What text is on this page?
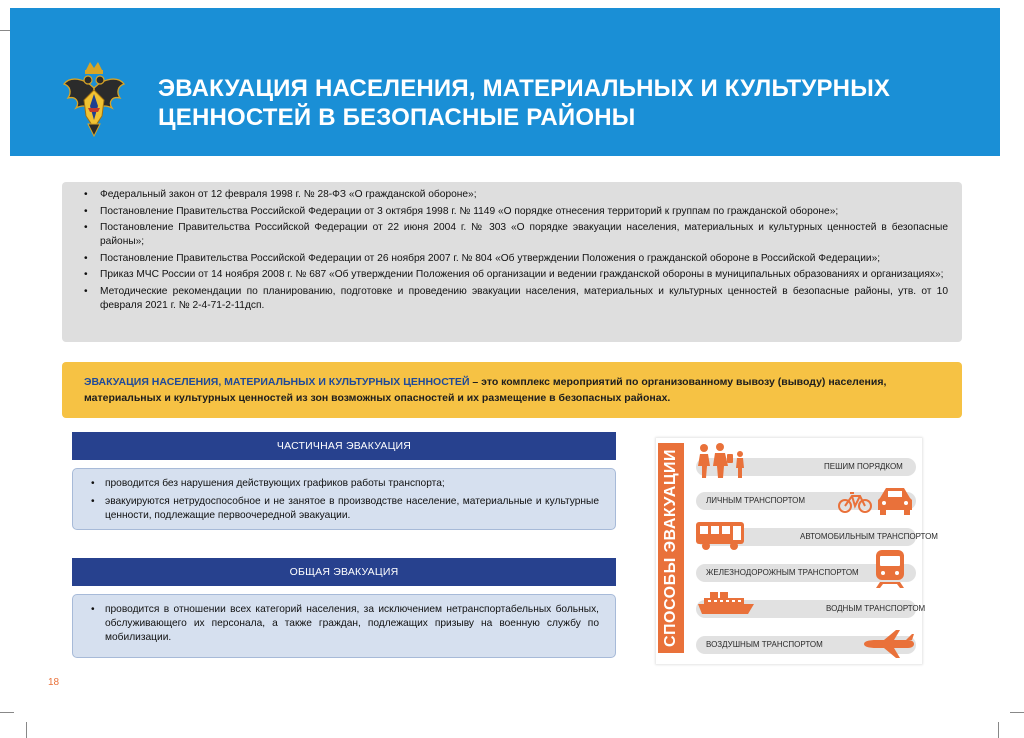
ЭВАКУАЦИЯ НАСЕЛЕНИЯ, МАТЕРИАЛЬНЫХ И КУЛЬТУРНЫХ
ЦЕННОСТЕЙ В БЕЗОПАСНЫЕ РАЙОНЫ
• Федеральный закон от 12 февраля 1998 г. № 28-ФЗ «О гражданской обороне»;
• Постановление Правительства Российской Федерации от 3 октября 1998 г. № 1149 «О порядке отнесения территорий к группам по гражданской обороне»;
• Постановление Правительства Российской Федерации от 22 июня 2004 г. № 303 «О порядке эвакуации населения, материальных и культурных ценностей в безопасные районы»;
• Постановление Правительства Российской Федерации от 26 ноября 2007 г. № 804 «Об утверждении Положения о гражданской обороне в Российской Федерации»;
• Приказ МЧС России от 14 ноября 2008 г. № 687 «Об утверждении Положения об организации и ведении гражданской обороны в муниципальных образованиях и организациях»;
• Методические рекомендации по планированию, подготовке и проведению эвакуации населения, материальных и культурных ценностей в безопасные районы, утв. от 10 февраля 2021 г. № 2-4-71-2-11дсп.
ЭВАКУАЦИЯ НАСЕЛЕНИЯ, МАТЕРИАЛЬНЫХ И КУЛЬТУРНЫХ ЦЕННОСТЕЙ – это комплекс мероприятий по организованному вывозу (выводу) населения, материальных и культурных ценностей из зон возможных опасностей и их размещение в безопасных районах.
ЧАСТИЧНАЯ ЭВАКУАЦИЯ
• проводится без нарушения действующих графиков работы транспорта;
• эвакуируются нетрудоспособное и не занятое в производстве население, материальные и культурные ценности, подлежащие первоочередной эвакуации.
ОБЩАЯ ЭВАКУАЦИЯ
• проводится в отношении всех категорий населения, за исключением нетранспортабельных больных, обслуживающего их персонала, а также граждан, подлежащих призыву на военную службу по мобилизации.	СПОСОБЫ ЭВАКУАЦИИ	ПЕШИМ ПОРЯДКОМ
ЛИЧНЫМ ТРАНСПОРТОМ
АВТОМОБИЛЬНЫМ ТРАНСПОРТОМ
ЖЕЛЕЗНОДОРОЖНЫМ ТРАНСПОРТОМ
ВОДНЫМ ТРАНСПОРТОМ
ВОЗДУШНЫМ ТРАНСПОРТОМ
18
